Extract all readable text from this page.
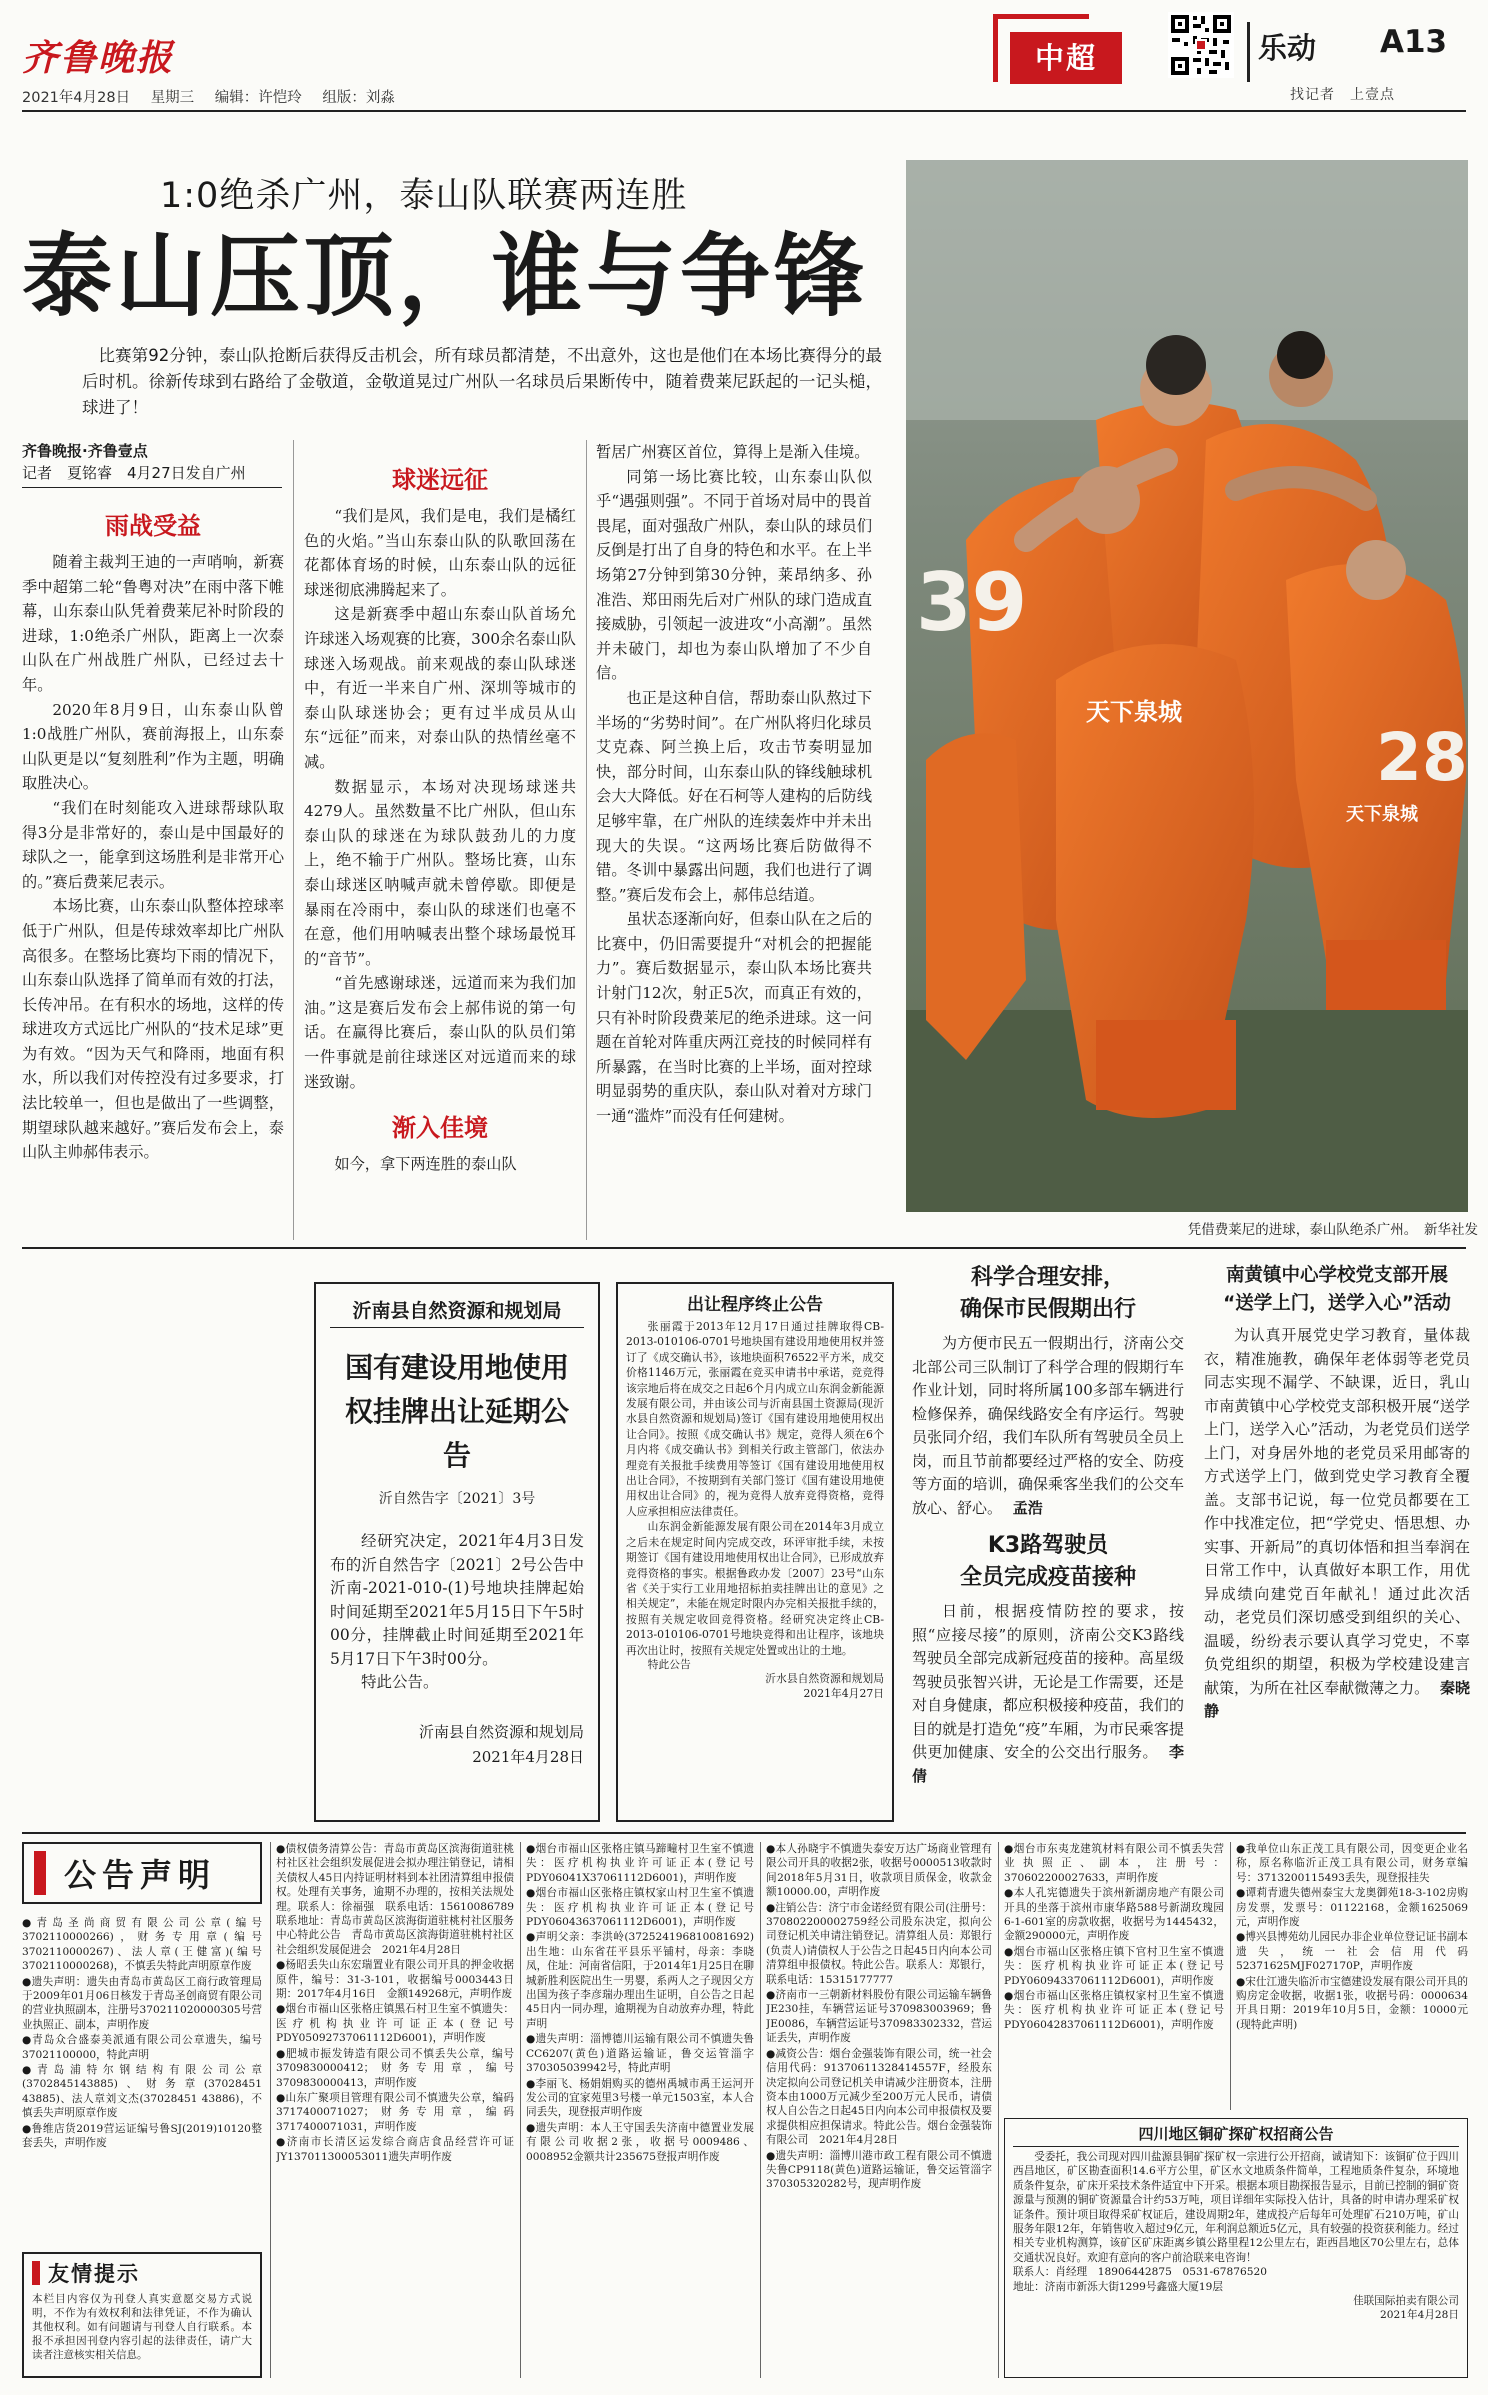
齐鲁晚报
2021年4月28日 星期三 编辑：许恺玲 组版：刘淼
中超	乐动 A13
找记者　上壹点
1:0绝杀广州，泰山队联赛两连胜
泰山压顶，谁与争锋
比赛第92分钟，泰山队抢断后获得反击机会，所有球员都清楚，不出意外，这也是他们在本场比赛得分的最后时机。徐新传球到右路给了金敬道，金敬道晃过广州队一名球员后果断传中，随着费莱尼跃起的一记头槌，球进了！
齐鲁晚报·齐鲁壹点
记者　夏铭睿　4月27日发自广州
雨战受益

随着主裁判王迪的一声哨响，新赛季中超第二轮“鲁粤对决”在雨中落下帷幕，山东泰山队凭着费莱尼补时阶段的进球，1:0绝杀广州队，距离上一次泰山队在广州战胜广州队，已经过去十年。

2020年8月9日，山东泰山队曾1:0战胜广州队，赛前海报上，山东泰山队更是以“复刻胜利”作为主题，明确取胜决心。

“我们在时刻能攻入进球帮球队取得3分是非常好的，泰山是中国最好的球队之一，能拿到这场胜利是非常开心的。”赛后费莱尼表示。

本场比赛，山东泰山队整体控球率低于广州队，但是传球效率却比广州队高很多。在整场比赛均下雨的情况下，山东泰山队选择了简单而有效的打法，长传冲吊。在有积水的场地，这样的传球进攻方式远比广州队的“技术足球”更为有效。“因为天气和降雨，地面有积水，所以我们对传控没有过多要求，打法比较单一，但也是做出了一些调整，期望球队越来越好。”赛后发布会上，泰山队主帅郝伟表示。

球迷远征

“我们是风，我们是电，我们是橘红色的火焰。”当山东泰山队的队歌回荡在花都体育场的时候，山东泰山队的远征球迷彻底沸腾起来了。

这是新赛季中超山东泰山队首场允许球迷入场观赛的比赛，300余名泰山队球迷入场观战。前来观战的泰山队球迷中，有近一半来自广州、深圳等城市的泰山队球迷协会；更有过半成员从山东“远征”而来，对泰山队的热情丝毫不减。

数据显示，本场对决现场球迷共4279人。虽然数量不比广州队，但山东泰山队的球迷在为球队鼓劲儿的力度上，绝不输于广州队。整场比赛，山东泰山球迷区呐喊声就未曾停歇。即便是暴雨在冷雨中，泰山队的球迷们也毫不在意，他们用呐喊表出整个球场最悦耳的“音节”。

“首先感谢球迷，远道而来为我们加油。”这是赛后发布会上郝伟说的第一句话。在赢得比赛后，泰山队的队员们第一件事就是前往球迷区对远道而来的球迷致谢。

渐入佳境

如今，拿下两连胜的泰山队

暂居广州赛区首位，算得上是渐入佳境。

同第一场比赛比较，山东泰山队似乎“遇强则强”。不同于首场对局中的畏首畏尾，面对强敌广州队，泰山队的球员们反倒是打出了自身的特色和水平。在上半场第27分钟到第30分钟，莱昂纳多、孙准浩、郑田雨先后对广州队的球门造成直接威胁，引领起一波进攻“小高潮”。虽然并未破门，却也为泰山队增加了不少自信。

也正是这种自信，帮助泰山队熬过下半场的“劣势时间”。在广州队将归化球员艾克森、阿兰换上后，攻击节奏明显加快，部分时间，山东泰山队的锋线触球机会大大降低。好在石柯等人建构的后防线足够牢靠，在广州队的连续轰炸中并未出现大的失误。“这两场比赛后防做得不错。冬训中暴露出问题，我们也进行了调整。”赛后发布会上，郝伟总结道。

虽状态逐渐向好，但泰山队在之后的比赛中，仍旧需要提升“对机会的把握能力”。赛后数据显示，泰山队本场比赛共计射门12次，射正5次，而真正有效的，只有补时阶段费莱尼的绝杀进球。这一问题在首轮对阵重庆两江竞技的时候同样有所暴露，在当时比赛的上半场，面对控球明显弱势的重庆队，泰山队对着对方球门一通“滥炸”而没有任何建树。

39
28
天下泉城
天下泉城
凭借费莱尼的进球，泰山队绝杀广州。　新华社发
沂南县自然资源和规划局
国有建设用地使用权挂牌出让延期公告
沂自然告字〔2021〕3号
经研究决定，2021年4月3日发布的沂自然告字〔2021〕2号公告中沂南-2021-010-(1)号地块挂牌起始时间延期至2021年5月15日下午5时00分，挂牌截止时间延期至2021年5月17日下午3时00分。
特此公告。
沂南县自然资源和规划局
2021年4月28日
出让程序终止公告
张丽霞于2013年12月17日通过挂牌取得CB-2013-010106-0701号地块国有建设用地使用权并签订了《成交确认书》，该地块面积76522平方米，成交价格1146万元，张丽霞在竞买申请书中承诺，竞竞得该宗地后将在成交之日起6个月内成立山东润金新能源发展有限公司，并由该公司与沂南县国土资源局(现沂水县自然资源和规划局)签订《国有建设用地使用权出让合同》。按照《成交确认书》规定，竞得人须在6个月内将《成交确认书》到相关行政主管部门，依法办理竞有关报批手续费用等签订《国有建设用地使用权出让合同》，不按期到有关部门签订《国有建设用地使用权出让合同》的，视为竞得人放弃竞得资格，竞得人应承担相应法律责任。
山东润金新能源发展有限公司在2014年3月成立之后未在规定时间内完成交改，环评审批手续，未按期签订《国有建设用地使用权出让合同》，已形成放弃竞得资格的事实。根据鲁政办发〔2007〕23号“山东省《关于实行工业用地招标拍卖挂牌出让的意见》之相关规定”，未能在规定时限内办完相关报批手续的，按照有关规定收回竞得资格。经研究决定终止CB-2013-010106-0701号地块竞得和出让程序，该地块再次出让时，按照有关规定处置或出让的土地。
特此公告
沂水县自然资源和规划局
2021年4月27日
科学合理安排，
确保市民假期出行
为方便市民五一假期出行，济南公交北部公司三队制订了科学合理的假期行车作业计划，同时将所属100多部车辆进行检修保养，确保线路安全有序运行。驾驶员张同介绍，我们车队所有驾驶员全员上岗，而且节前都要经过严格的安全、防疫等方面的培训，确保乘客坐我们的公交车放心、舒心。 孟浩
K3路驾驶员
全员完成疫苗接种
日前，根据疫情防控的要求，按照“应接尽接”的原则，济南公交K3路线驾驶员全部完成新冠疫苗的接种。高星级驾驶员张智兴讲，无论是工作需要，还是对自身健康，都应积极接种疫苗，我们的目的就是打造免“疫”车厢，为市民乘客提供更加健康、安全的公交出行服务。 李倩
南黄镇中心学校党支部开展
“送学上门，送学入心”活动
为认真开展党史学习教育，量体裁衣，精准施教，确保年老体弱等老党员同志实现不漏学、不缺课，近日，乳山市南黄镇中心学校党支部积极开展“送学上门，送学入心”活动，为老党员们送学上门，对身居外地的老党员采用邮寄的方式送学上门，做到党史学习教育全覆盖。支部书记说，每一位党员都要在工作中找准定位，把“学党史、悟思想、办实事、开新局”的真切体悟和担当奉润在日常工作中，认真做好本职工作，用优异成绩向建党百年献礼！通过此次活动，老党员们深切感受到组织的关心、温暖，纷纷表示要认真学习党史，不辜负党组织的期望，积极为学校建设建言献策，为所在社区奉献微薄之力。 秦晓静
公告声明

●青岛圣尚商贸有限公司公章(编号3702110000266)，财务专用章(编号3702110000267)、法人章(王健富)(编号3702110000268)，不慎丢失特此声明原章作废

●遗失声明：遗失由青岛市黄岛区工商行政管理局于2009年01月06日核发于青岛圣创商贸有限公司的营业执照副本，注册号370211020000305号营业执照正、副本，声明作废

●青岛众合盛泰美派通有限公司公章遗失，编号37021100000，特此声明

●青岛浦特尔钢结构有限公司公章(3702845143885)、财务章(37028451 43885)、法人章刘文杰(37028451 43886)，不慎丢失声明原章作废

●鲁维店货2019营运证编号鲁SJ(2019)10120整套丢失，声明作废

友情提示
本栏目内容仅为刊登人真实意愿交易方式说明，不作为有效权利和法律凭证，不作为确认其他权利。如有问题请与刊登人自行联系。本报不承担因刊登内容引起的法律责任，请广大读者注意核实相关信息。

●债权债务清算公告：青岛市黄岛区滨海街道驻桃村社区社会组织发展促进会拟办理注销登记，请相关债权人45日内持证明材料到本社团清算组申报债权。处理有关事务，逾期不办理的，按相关法规处理。联系人：徐福强　联系电话：15610086789联系地址：青岛市黄岛区滨海街道驻桃村社区服务中心特此公告　青岛市黄岛区滨海街道驻桃村社区社会组织发展促进会　2021年4月28日

●杨昭丢失山东宏瑞置业有限公司开具的押金收据原件，编号：31-3-101，收据编号0003443日期：2017年4月16日　金额149268元，声明作废

●烟台市福山区张格庄镇黑石村卫生室不慎遗失：医疗机构执业许可证正本(登记号PDY05092737061112D6001)，声明作废

●肥城市振发铸造有限公司不慎丢失公章，编号3709830000412；财务专用章，编号3709830000413，声明作废

●山东广聚项目管理有限公司不慎遗失公章，编码3717400071027；财务专用章，编码3717400071031，声明作废

●济南市长清区运发综合商店食品经营许可证JY137011300053011遗失声明作废

●烟台市福山区张格庄镇马蹄疃村卫生室不慎遗失：医疗机构执业许可证正本(登记号PDY06041X37061112D6001)，声明作废

●烟台市福山区张格庄镇权家山村卫生室不慎遗失：医疗机构执业许可证正本(登记号PDY06043637061112D6001)，声明作废

●声明父亲：李洪岭(372524196810081692)出生地：山东省茌平县乐平铺村，母亲：李晓凤，住址：河南省信阳，于2014年1月25日在聊城新胜利医院出生一男婴，系两人之子现因父方出国为孩子李彦瑞办理出生证明，自公告之日起45日内一同办理，逾期视为自动放弃办理，特此声明

●遗失声明：淄博德川运输有限公司不慎遗失鲁CC6207(黄色)道路运输证，鲁交运管淄字370305039942号，特此声明

●李丽飞、杨娟娟购买的德州禹城市禹王运河开发公司的宜家苑里3号楼一单元1503室，本人合同丢失，现登报声明作废

●遗失声明：本人王守国丢失济南中德置业发展有限公司收据2张，收据号0009486、0008952金额共计235675登报声明作废

●本人孙晓宇不慎遗失泰安万达广场商业管理有限公司开具的收据2张，收据号0000513收款时间2018年5月31日，收款项目质保金，收款金额10000.00，声明作废

●注销公告：济宁市金诺经贸有限公司(注册号：370802200002759经公司股东决定，拟向公司登记机关申请注销登记。清算组人员：郑银行(负责人)请债权人于公告之日起45日内向本公司清算组申报债权。特此公告。联系人：郑银行，联系电话：15315177777

●济南市一三朝新材料股份有限公司运输车辆鲁JE230挂，车辆营运证号370983003969；鲁JE0086，车辆营运证号370983302332，营运证丢失，声明作废

●减资公告：烟台金强装饰有限公司，统一社会信用代码：91370611328414557F，经股东决定拟向公司登记机关申请减少注册资本，注册资本由1000万元减少至200万元人民币，请债权人自公告之日起45日内向本公司申报债权及要求提供相应担保请求。特此公告。烟台金强装饰有限公司　2021年4月28日

●遗失声明：淄博川港市政工程有限公司不慎遗失鲁CP9118(黄色)道路运输证，鲁交运管淄字370305320282号，现声明作废

●烟台市东夷龙建筑材料有限公司不慎丢失营业执照正、副本，注册号：370602200027633，声明作废

●本人孔宪德遗失于滨州新湖房地产有限公司开具的坐落于滨州市康华路588号新湖玫瑰园6-1-601室的房款收据，收据号为1445432，金额290000元，声明作废

●烟台市福山区张格庄镇下官村卫生室不慎遗失：医疗机构执业许可证正本(登记号PDY06094337061112D6001)，声明作废

●烟台市福山区张格庄镇权家村卫生室不慎遗失：医疗机构执业许可证正本(登记号PDY06042837061112D6001)，声明作废

●我单位山东正茂工具有限公司，因变更企业名称，原名称临沂正茂工具有限公司，财务章编号：3713200115493丢失，现登报挂失

●谭莉青遗失德州泰宝大龙奥御苑18-3-102房购房发票，发票号：01122168，金额1625069元，声明作废

●博兴县博苑幼儿园民办非企业单位登记证书副本遗失，统一社会信用代码52371625MJF027170P，声明作废

●宋仕江遗失临沂市宝德建设发展有限公司开具的购房定金收据，收据1张，收据号码：0000634开具日期：2019年10月5日，金额：10000元(现特此声明)

四川地区铜矿探矿权招商公告
受委托，我公司现对四川盐源县铜矿探矿权一宗进行公开招商，诚请知下：该铜矿位于四川西昌地区，矿区勘查面积14.6平方公里，矿区水文地质条件简单，工程地质条件复杂，环境地质条件复杂，矿床开采技术条件适宜中下开采。根据本项目勘探报告显示，目前已控制的铜矿资源量与预测的铜矿资源量合计约53万吨，项目详细年实际投入估计，具备的时申请办理采矿权证条件。预计项目取得采矿权证后，建设周期2年，建成投产后每年可处理矿石210万吨，矿山服务年限12年，年销售收入超过9亿元，年利润总额近5亿元，具有较强的投资获利能力。经过相关专业机构测算，该矿区矿床距离乡镇公路里程12公里左右，距西昌地区70公里左右，总体交通状况良好。欢迎有意向的客户前洽联来电咨询！
联系人：肖经理　18906442875　0531-67876520
地址：济南市新泺大街1299号鑫盛大厦19层
佳联国际拍卖有限公司
2021年4月28日
